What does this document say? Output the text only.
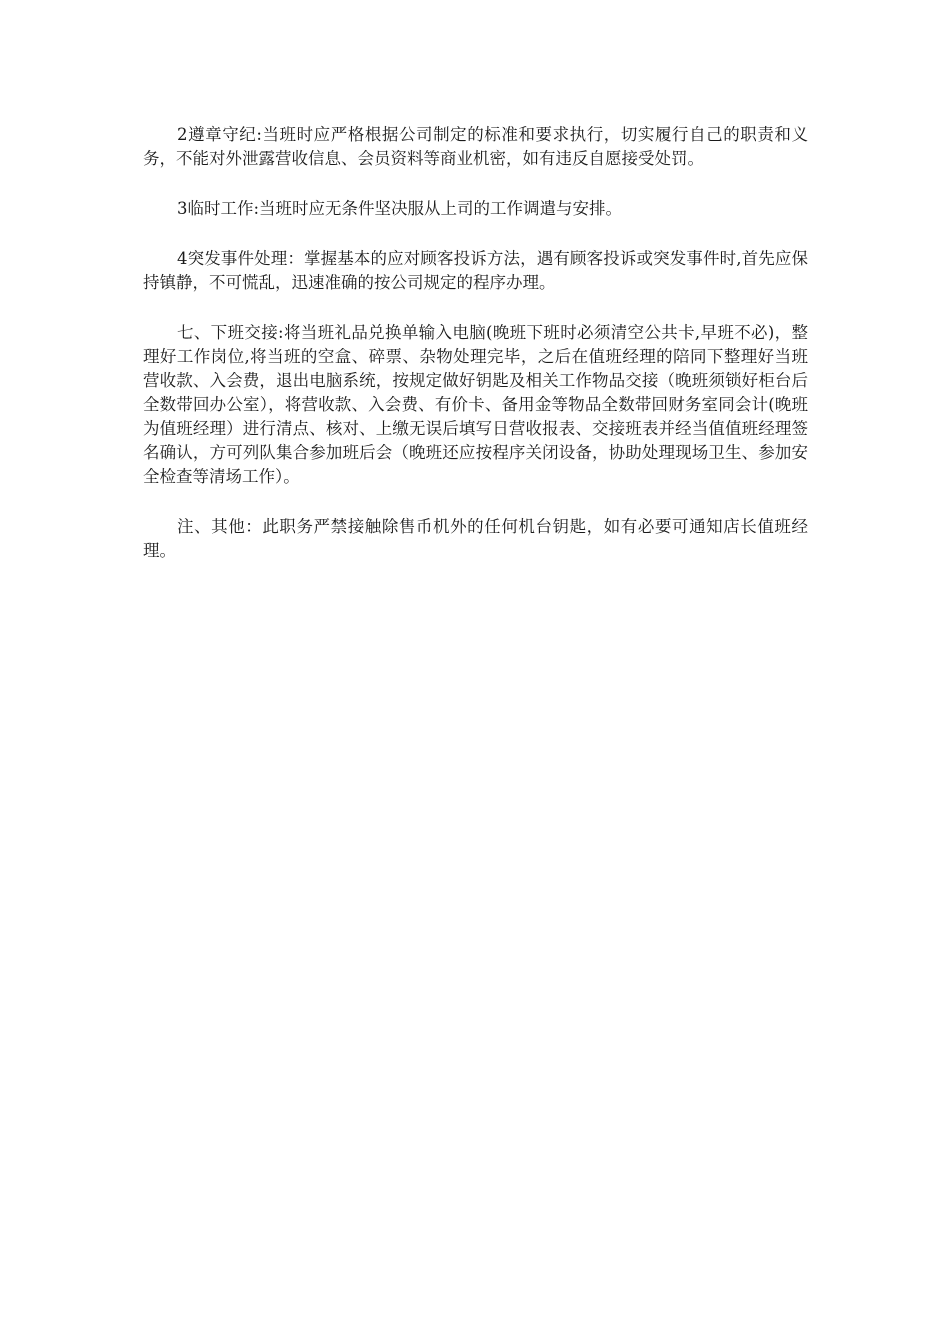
2遵章守纪:当班时应严格根据公司制定的标准和要求执行，切实履行自己的职责和义务，不能对外泄露营收信息、会员资料等商业机密，如有违反自愿接受处罚。

3临时工作:当班时应无条件坚决服从上司的工作调遣与安排。

4突发事件处理：掌握基本的应对顾客投诉方法，遇有顾客投诉或突发事件时,首先应保持镇静，不可慌乱，迅速准确的按公司规定的程序办理。

七、下班交接:将当班礼品兑换单输入电脑(晚班下班时必须清空公共卡,早班不必)，整理好工作岗位,将当班的空盒、碎票、杂物处理完毕，之后在值班经理的陪同下整理好当班营收款、入会费，退出电脑系统，按规定做好钥匙及相关工作物品交接（晚班须锁好柜台后全数带回办公室），将营收款、入会费、有价卡、备用金等物品全数带回财务室同会计(晚班为值班经理）进行清点、核对、上缴无误后填写日营收报表、交接班表并经当值值班经理签名确认，方可列队集合参加班后会（晚班还应按程序关闭设备，协助处理现场卫生、参加安全检查等清场工作）。

注、其他：此职务严禁接触除售币机外的任何机台钥匙，如有必要可通知店长值班经理。
